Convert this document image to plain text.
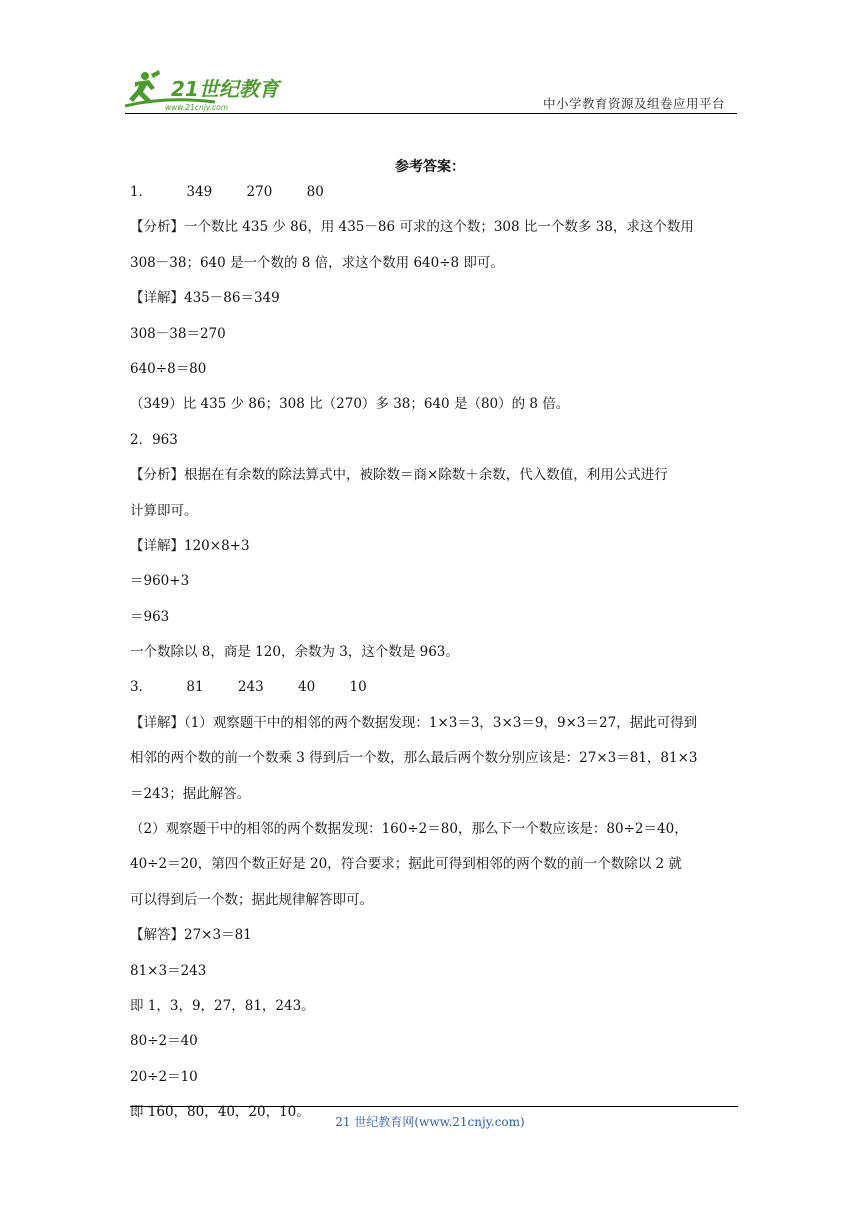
21世纪教育
www.21cnjy.com	中小学教育资源及组卷应用平台
参考答案：
1．        349        270        80
【分析】一个数比 435 少 86，用 435－86 可求的这个数；308 比一个数多 38，求这个数用
308－38；640 是一个数的 8 倍，求这个数用 640÷8 即可。
【详解】435－86＝349
308－38＝270
640÷8＝80
（349）比 435 少 86；308 比（270）多 38；640 是（80）的 8 倍。
2．963
【分析】根据在有余数的除法算式中，被除数＝商×除数＋余数，代入数值，利用公式进行
计算即可。
【详解】120×8+3
＝960+3
＝963
一个数除以 8，商是 120，余数为 3，这个数是 963。
3．        81        243        40        10
【详解】（1）观察题干中的相邻的两个数据发现：1×3＝3，3×3＝9，9×3＝27，据此可得到
相邻的两个数的前一个数乘 3 得到后一个数，那么最后两个数分别应该是：27×3＝81，81×3
＝243；据此解答。
（2）观察题干中的相邻的两个数据发现：160÷2＝80，那么下一个数应该是：80÷2＝40，
40÷2＝20，第四个数正好是 20，符合要求；据此可得到相邻的两个数的前一个数除以 2 就
可以得到后一个数；据此规律解答即可。
【解答】27×3＝81
81×3＝243
即 1，3，9，27，81，243。
80÷2＝40
20÷2＝10
即 160，80，40，20，10。
21 世纪教育网(www.21cnjy.com)
